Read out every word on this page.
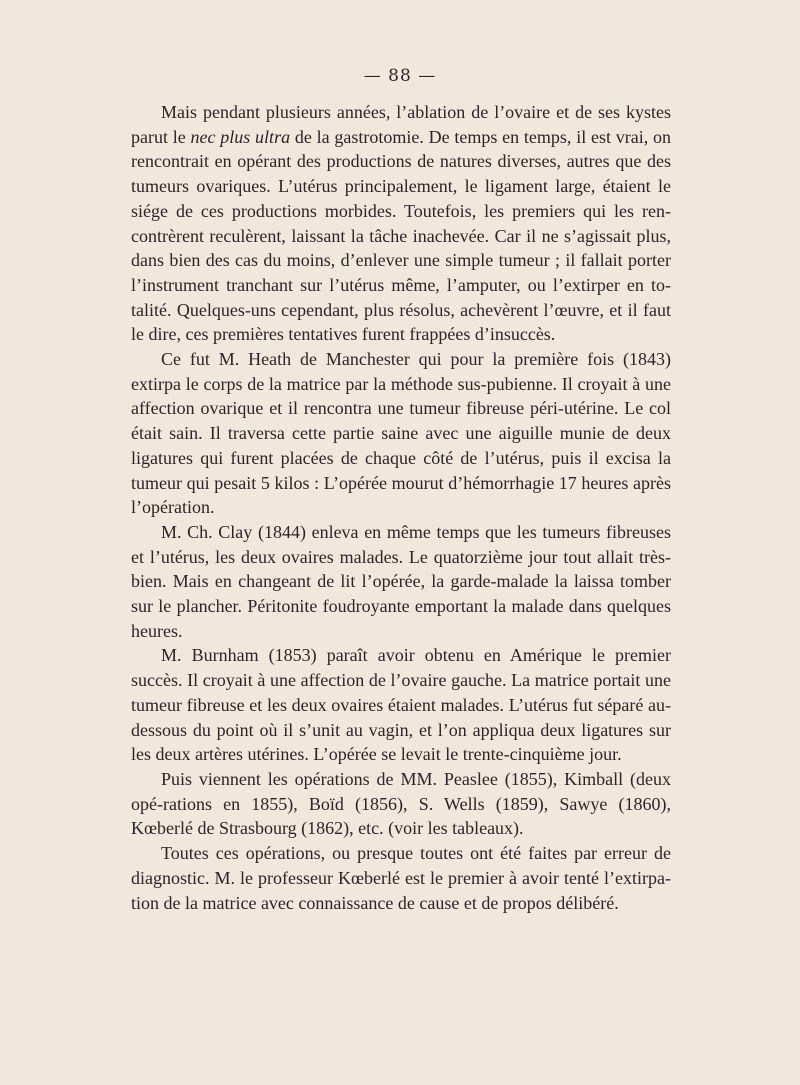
— 88 —

Mais pendant plusieurs années, l’ablation de l’ovaire et de ses kystes parut le nec plus ultra de la gastrotomie. De temps en temps, il est vrai, on rencontrait en opérant des productions de natures diverses, autres que des tumeurs ovariques. L’utérus principalement, le ligament large, étaient le siége de ces productions morbides. Toutefois, les premiers qui les ren-contrèrent reculèrent, laissant la tâche inachevée. Car il ne s’agissait plus, dans bien des cas du moins, d’enlever une simple tumeur ; il fallait porter l’instrument tranchant sur l’utérus même, l’amputer, ou l’extirper en to-talité. Quelques-uns cependant, plus résolus, achevèrent l’œuvre, et il faut le dire, ces premières tentatives furent frappées d’insuccès.

Ce fut M. Heath de Manchester qui pour la première fois (1843) extirpa le corps de la matrice par la méthode sus-pubienne. Il croyait à une affection ovarique et il rencontra une tumeur fibreuse péri-utérine. Le col était sain. Il traversa cette partie saine avec une aiguille munie de deux ligatures qui furent placées de chaque côté de l’utérus, puis il excisa la tumeur qui pesait 5 kilos : L’opérée mourut d’hémorrhagie 17 heures après l’opération.

M. Ch. Clay (1844) enleva en même temps que les tumeurs fibreuses et l’utérus, les deux ovaires malades. Le quatorzième jour tout allait très-bien. Mais en changeant de lit l’opérée, la garde-malade la laissa tomber sur le plancher. Péritonite foudroyante emportant la malade dans quelques heures.

M. Burnham (1853) paraît avoir obtenu en Amérique le premier succès. Il croyait à une affection de l’ovaire gauche. La matrice portait une tumeur fibreuse et les deux ovaires étaient malades. L’utérus fut séparé au-dessous du point où il s’unit au vagin, et l’on appliqua deux ligatures sur les deux artères utérines. L’opérée se levait le trente-cinquième jour.

Puis viennent les opérations de MM. Peaslee (1855), Kimball (deux opé-rations en 1855), Boïd (1856), S. Wells (1859), Sawye (1860), Kœberlé de Strasbourg (1862), etc. (voir les tableaux).

Toutes ces opérations, ou presque toutes ont été faites par erreur de diagnostic. M. le professeur Kœberlé est le premier à avoir tenté l’extirpa-tion de la matrice avec connaissance de cause et de propos délibéré.
